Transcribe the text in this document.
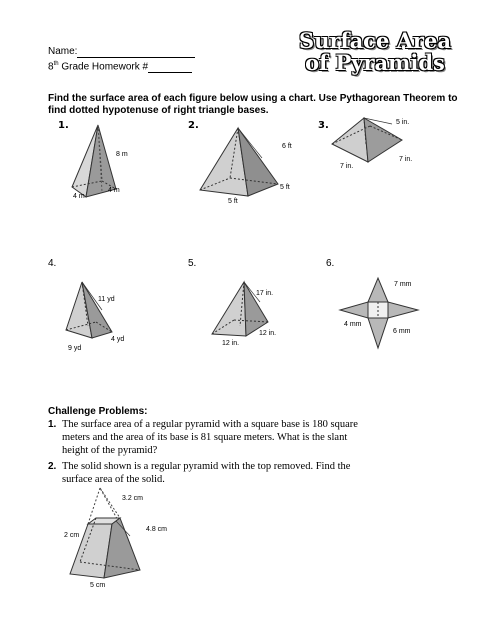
Name:
8th Grade Homework #
Surface Area
of Pyramids
Find the surface area of each figure below using a chart. Use Pythagorean Theorem to find dotted hypotenuse of right triangle bases.
1.	2.	3.
4.	5.	6.
8 m
4 m
4 m
6 ft
5 ft
5 ft
5 in.
7 in.
7 in.
11 yd
4 yd
9 yd
17 in.
12 in.
12 in.
7 mm
4 mm
6 mm
Challenge Problems:
1. The surface area of a regular pyramid with a square base is 180 square meters and the area of its base is 81 square meters. What is the slant height of the pyramid?
2. The solid shown is a regular pyramid with the top removed. Find the surface area of the solid.
3.2 cm
4.8 cm
2 cm
5 cm
